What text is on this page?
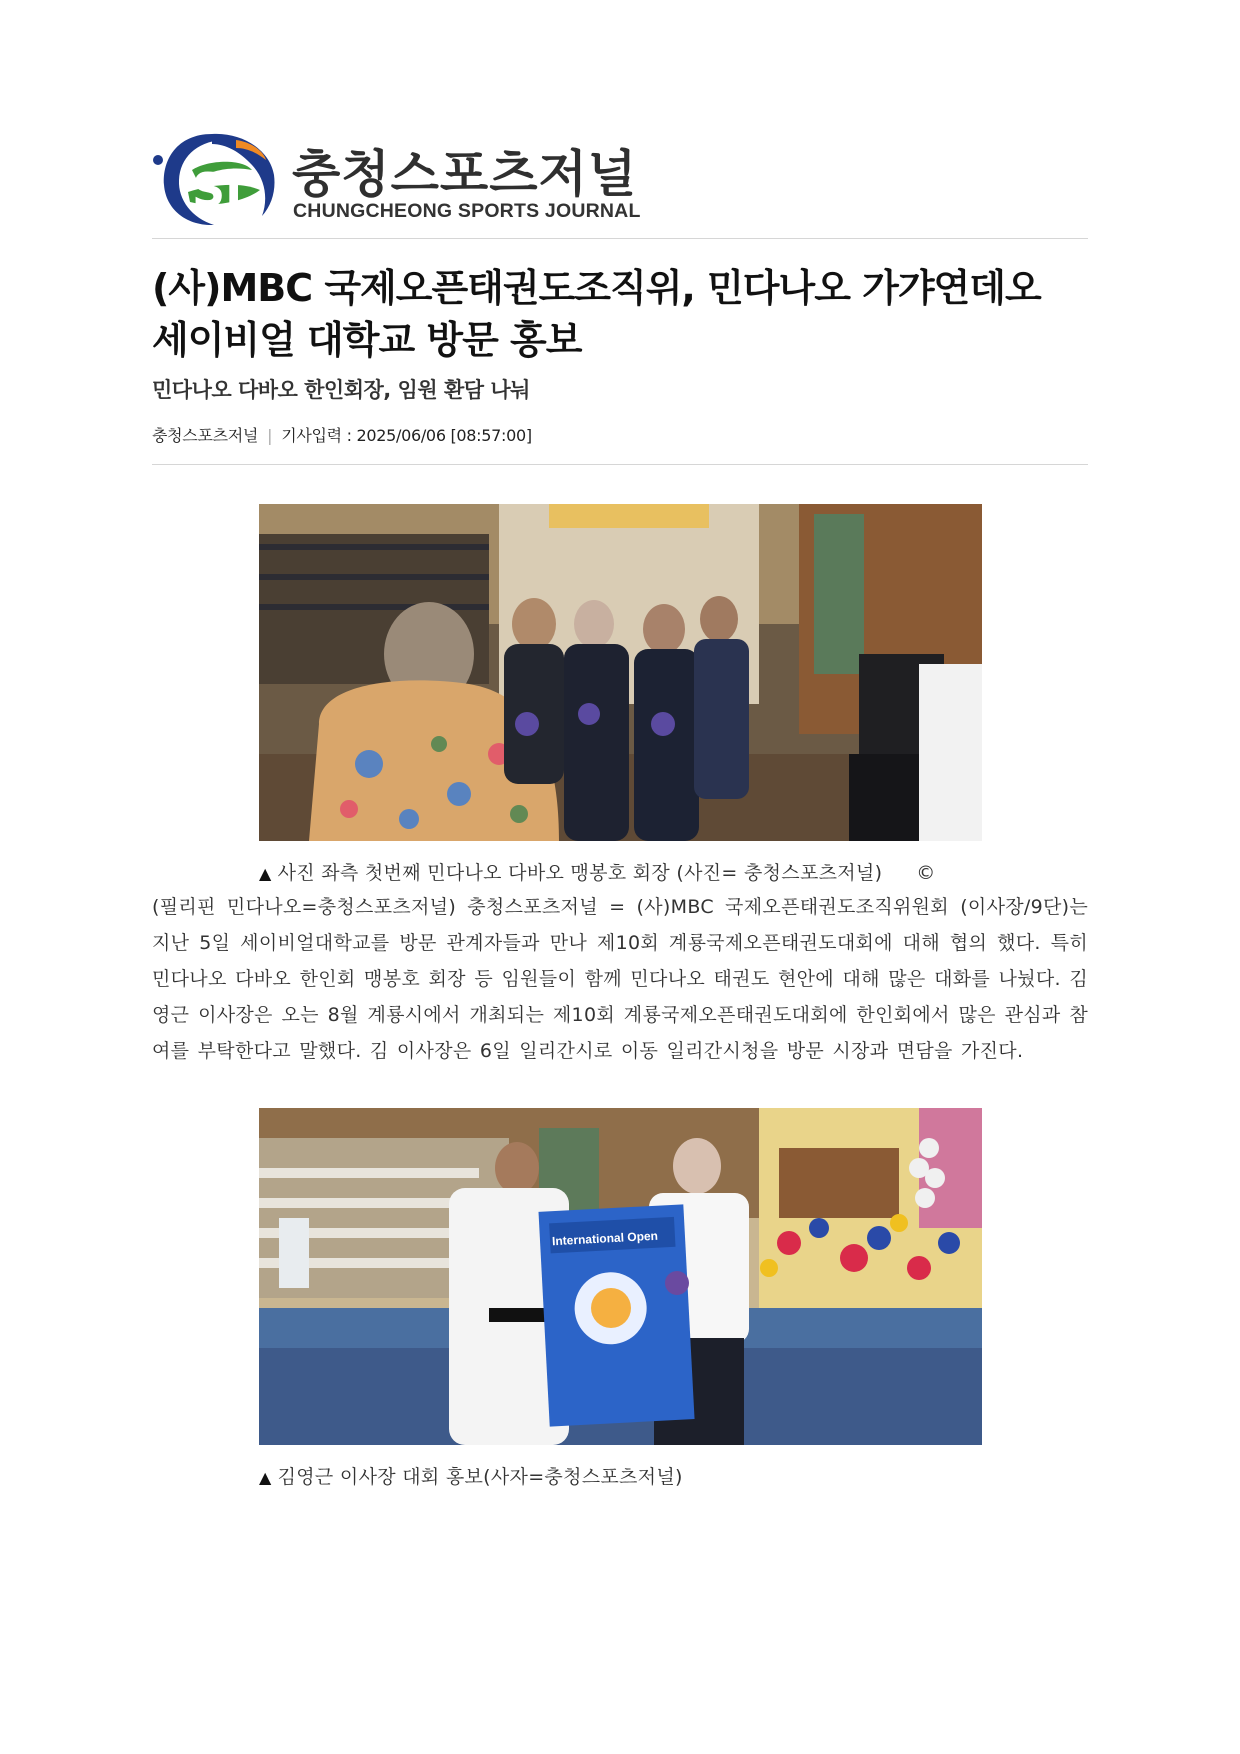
SJ 충청스포츠저널
CHUNGCHEONG SPORTS JOURNAL
(사)MBC 국제오픈태권도조직위, 민다나오 가갸연데오 세이비얼 대학교 방문 홍보
민다나오 다바오 한인회장, 임원 환담 나눠
충청스포츠저널 | 기사입력 : 2025/06/06 [08:57:00]
▲ 사진 좌측 첫번째 민다나오 다바오 맹봉호 회장 (사진= 충청스포츠저널) ©

(필리핀 민다나오=충청스포츠저널) 충청스포츠저널 = (사)MBC 국제오픈태권도조직위원회 (이사장/9단)는 지난 5일 세이비얼대학교를 방문 관계자들과 만나 제10회 계룡국제오픈태권도대회에 대해 협의 했다. 특히 민다나오 다바오 한인회 맹봉호 회장 등 임원들이 함께 민다나오 태권도 현안에 대해 많은 대화를 나눴다. 김영근 이사장은 오는 8월 계룡시에서 개최되는 제10회 계룡국제오픈태권도대회에 한인회에서 많은 관심과 참여를 부탁한다고 말했다. 김 이사장은 6일 일리간시로 이동 일리간시청을 방문 시장과 면담을 가진다.

International Open
▲ 김영근 이사장 대회 홍보(사자=충청스포츠저널)
